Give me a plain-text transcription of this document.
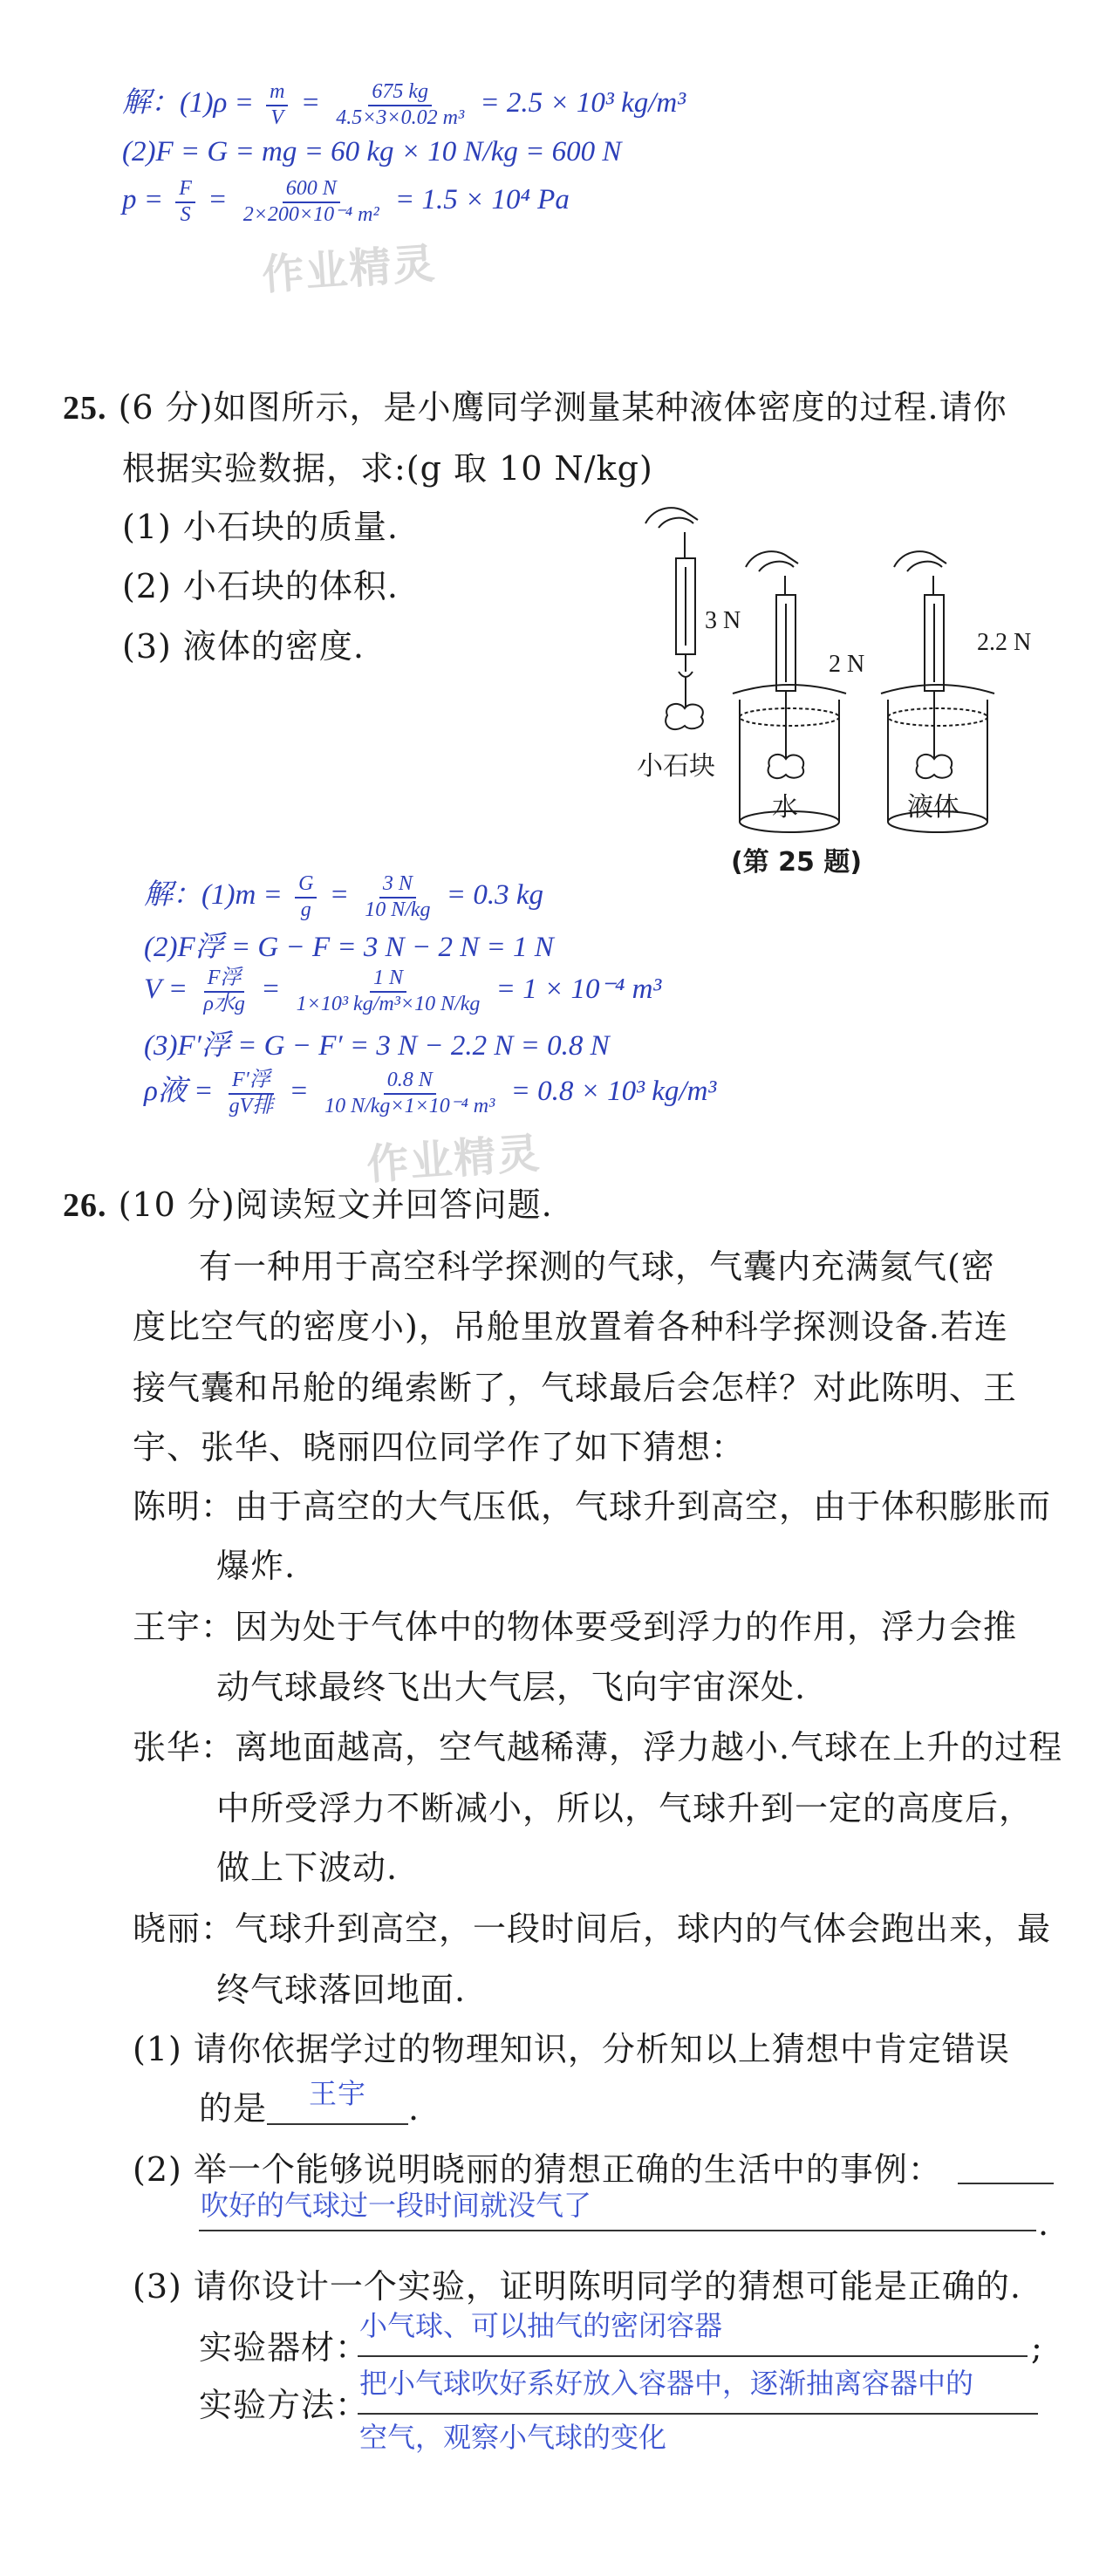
解：$(1)\rho = \frac{m}{V} = \frac{675 kg}{\text{4.5×3×0.02 m³}} = 2.5 \times 10^3$ kg/m³
(2)F = G = mg = 60 kg × 10 N/kg = 600 N
$p = \frac{F}{S} = \frac{600 N}{\text{2×200×10⁻⁴ m²}} = 1.5 \times 10^4$ Pa
作业精灵
25. (6 分)如图所示，是小鹰同学测量某种液体密度的过程.请你
根据实验数据，求:(g 取 10 N/kg)
(1) 小石块的质量.
(2) 小石块的体积.
(3) 液体的密度.
3 N
2 N
2.2 N
小石块
水	液体
(第 25 题)
解：$(1)m = \frac{G}{g} = \frac{3 N}{10 N/kg} = 0.3$ kg
(2)F浮 = G − F = 3 N − 2 N = 1 N
$V = \frac{\text{F浮}}{\text{ρ水g}} = \frac{1 N}{\text{1×10³ kg/m³×10 N/kg}} = 1 \times 10^{-4}$ m³
(3)F′浮 = G − F′ = 3 N − 2.2 N = 0.8 N
ρ液 = $\frac{\text{F′浮}}{\text{gV排}} = \frac{0.8 N}{\text{10 N/kg×1×10⁻⁴ m³}} = 0.8 \times 10^3$ kg/m³
作业精灵
26. (10 分)阅读短文并回答问题.
有一种用于高空科学探测的气球，气囊内充满氦气(密
度比空气的密度小)，吊舱里放置着各种科学探测设备.若连
接气囊和吊舱的绳索断了，气球最后会怎样？对此陈明、王
宇、张华、晓丽四位同学作了如下猜想：
陈明：由于高空的大气压低，气球升到高空，由于体积膨胀而
爆炸.
王宇：因为处于气体中的物体要受到浮力的作用，浮力会推
动气球最终飞出大气层，飞向宇宙深处.
张华：离地面越高，空气越稀薄，浮力越小.气球在上升的过程
中所受浮力不断减小，所以，气球升到一定的高度后，
做上下波动.
晓丽：气球升到高空，一段时间后，球内的气体会跑出来，最
终气球落回地面.
(1) 请你依据学过的物理知识，分析知以上猜想中肯定错误
的是 王宇 .
(2) 举一个能够说明晓丽的猜想正确的生活中的事例：
吹好的气球过一段时间就没气了	.
(3) 请你设计一个实验，证明陈明同学的猜想可能是正确的.
实验器材：
小气球、可以抽气的密闭容器
;
实验方法：
把小气球吹好系好放入容器中，逐渐抽离容器中的
空气，观察小气球的变化
